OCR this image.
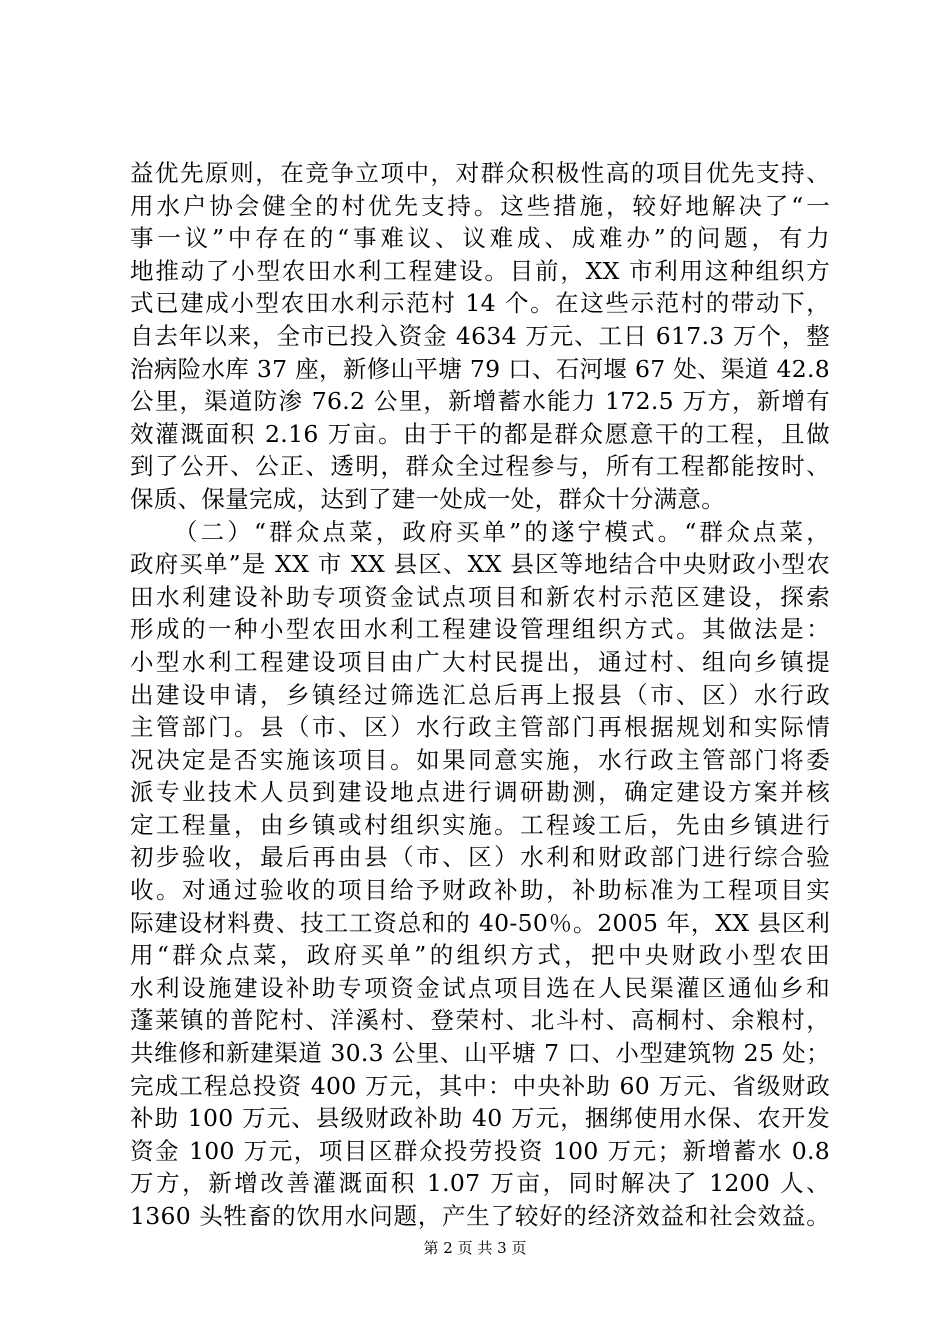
益优先原则，在竞争立项中，对群众积极性高的项目优先支持、
用水户协会健全的村优先支持。这些措施，较好地解决了“一
事一议”中存在的“事难议、议难成、成难办”的问题，有力
地推动了小型农田水利工程建设。目前，XX 市利用这种组织方
式已建成小型农田水利示范村 14 个。在这些示范村的带动下，
自去年以来，全市已投入资金 4634 万元、工日 617.3 万个，整
治病险水库 37 座，新修山平塘 79 口、石河堰 67 处、渠道 42.8
公里，渠道防渗 76.2 公里，新增蓄水能力 172.5 万方，新增有
效灌溉面积 2.16 万亩。由于干的都是群众愿意干的工程，且做
到了公开、公正、透明，群众全过程参与，所有工程都能按时、
保质、保量完成，达到了建一处成一处，群众十分满意。
（二）“群众点菜，政府买单”的遂宁模式。“群众点菜，
政府买单”是 XX 市 XX 县区、XX 县区等地结合中央财政小型农
田水利建设补助专项资金试点项目和新农村示范区建设，探索
形成的一种小型农田水利工程建设管理组织方式。其做法是：
小型水利工程建设项目由广大村民提出，通过村、组向乡镇提
出建设申请，乡镇经过筛选汇总后再上报县（市、区）水行政
主管部门。县（市、区）水行政主管部门再根据规划和实际情
况决定是否实施该项目。如果同意实施，水行政主管部门将委
派专业技术人员到建设地点进行调研勘测，确定建设方案并核
定工程量，由乡镇或村组织实施。工程竣工后，先由乡镇进行
初步验收，最后再由县（市、区）水利和财政部门进行综合验
收。对通过验收的项目给予财政补助，补助标准为工程项目实
际建设材料费、技工工资总和的 40-50％。2005 年，XX 县区利
用“群众点菜，政府买单”的组织方式，把中央财政小型农田
水利设施建设补助专项资金试点项目选在人民渠灌区通仙乡和
蓬莱镇的普陀村、洋溪村、登荣村、北斗村、高桐村、余粮村，
共维修和新建渠道 30.3 公里、山平塘 7 口、小型建筑物 25 处；
完成工程总投资 400 万元，其中：中央补助 60 万元、省级财政
补助 100 万元、县级财政补助 40 万元，捆绑使用水保、农开发
资金 100 万元，项目区群众投劳投资 100 万元；新增蓄水 0.8
万方，新增改善灌溉面积 1.07 万亩，同时解决了 1200 人、
1360 头牲畜的饮用水问题，产生了较好的经济效益和社会效益。
第 2 页 共 3 页
